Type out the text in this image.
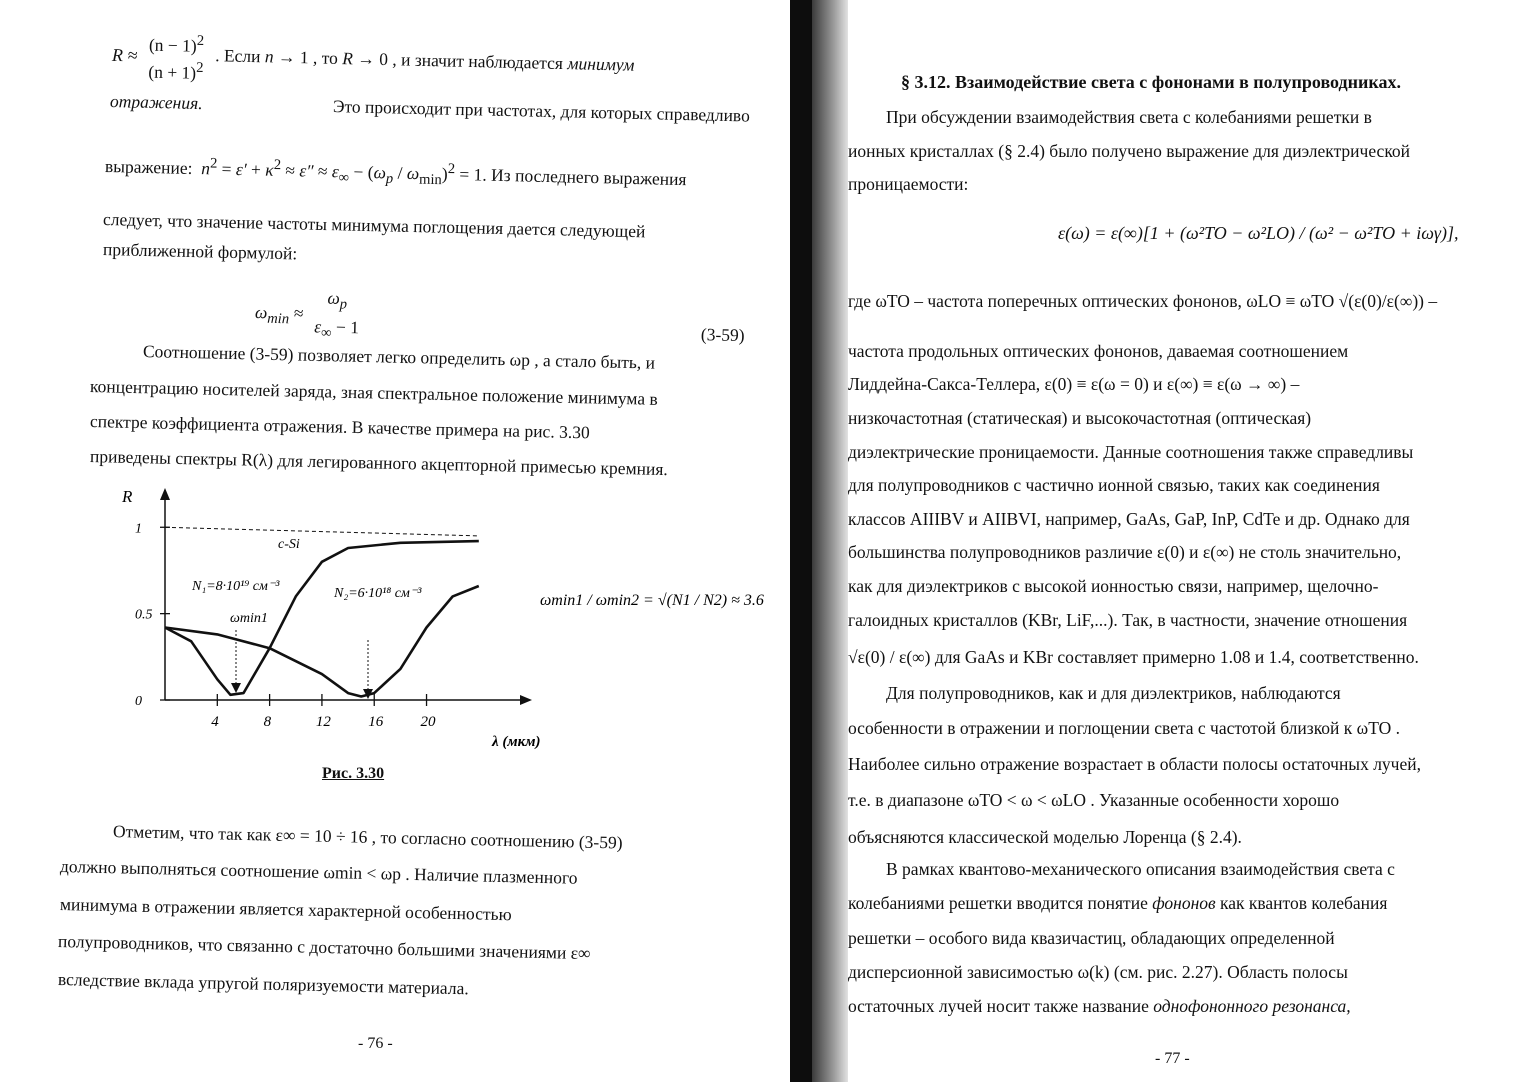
$R \approx (n - 1)^2$
$(n + 1)^2$
. Если n → 1 , то R → 0 , и значит наблюдается минимум
отражения.	Это происходит при частотах, для которых справедливо
выражение:  $n^2 = \varepsilon' + \kappa^2 \approx \varepsilon'' \approx \varepsilon_\infty - (\omega_p / \omega_{min})^2 = 1$. Из последнего выражения
следует, что значение частоты минимума поглощения дается следующей
приближенной формулой:
$\omega_{min}$ ≈
$\omega_p$
$\varepsilon_\infty - 1$	(3-59)
Соотношение (3-59) позволяет легко определить ωp , а стало быть, и
концентрацию носителей заряда, зная спектральное положение минимума в
спектре коэффициента отражения. В качестве примера на рис. 3.30
приведены спектры R(λ) для легированного акцепторной примесью кремния.
R
λ (мкм)
4	8	12 16 20
0
0.5
1
c-Si
N₁=8·10¹⁹ см⁻³	N₂=6·10¹⁸ см⁻³
ωmin1
ωmin1 / ωmin2 = √(N1 / N2) ≈ 3.6
Рис. 3.30
Отметим, что так как ε∞ = 10 ÷ 16 , то согласно соотношению (3-59)
должно выполняться соотношение ωmin < ωp . Наличие плазменного
минимума в отражении является характерной особенностью
полупроводников, что связанно с достаточно большими значениями ε∞
вследствие вклада упругой поляризуемости материала.
- 76 -
§ 3.12. Взаимодействие света с фононами в полупроводниках.
При обсуждении взаимодействия света с колебаниями решетки в
ионных кристаллах (§ 2.4) было получено выражение для диэлектрической
проницаемости:
ε(ω) = ε(∞)[1 + (ω²TO − ω²LO) / (ω² − ω²TO + iωγ)],
где ωTO – частота поперечных оптических фононов, ωLO ≡ ωTO √(ε(0)/ε(∞)) –
частота продольных оптических фононов, даваемая соотношением
Лиддейна-Сакса-Теллера, ε(0) ≡ ε(ω = 0) и ε(∞) ≡ ε(ω → ∞) –
низкочастотная (статическая) и высокочастотная (оптическая)
диэлектрические проницаемости. Данные соотношения также справедливы
для полупроводников с частично ионной связью, таких как соединения
классов AIIIBV и AIIBVI, например, GaAs, GaP, InP, CdTe и др. Однако для
большинства полупроводников различие ε(0) и ε(∞) не столь значительно,
как для диэлектриков с высокой ионностью связи, например, щелочно-
галоидных кристаллов (KBr, LiF,...). Так, в частности, значение отношения
√ε(0) / ε(∞) для GaAs и KBr составляет примерно 1.08 и 1.4, соответственно.
Для полупроводников, как и для диэлектриков, наблюдаются
особенности в отражении и поглощении света с частотой близкой к ωTO .
Наиболее сильно отражение возрастает в области полосы остаточных лучей,
т.е. в диапазоне ωTO < ω < ωLO . Указанные особенности хорошо
объясняются классической моделью Лоренца (§ 2.4).
В рамках квантово-механического описания взаимодействия света с
колебаниями решетки вводится понятие фононов как квантов колебания
решетки – особого вида квазичастиц, обладающих определенной
дисперсионной зависимостью ω(k) (см. рис. 2.27). Область полосы
остаточных лучей носит также название однофононного резонанса,
- 77 -
